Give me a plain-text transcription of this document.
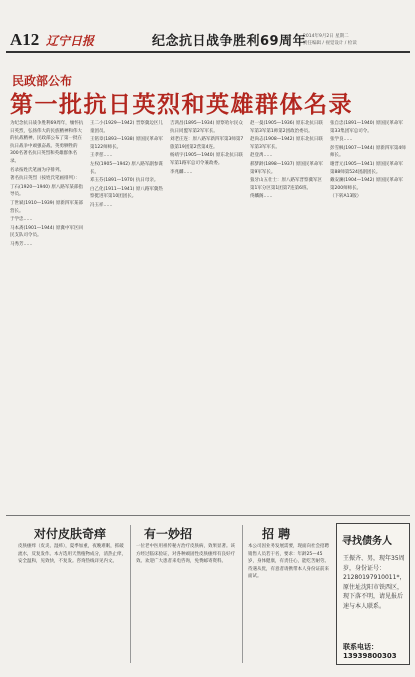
A12 辽宁日报	纪念抗日战争胜利69周年
2014年9月2日 星期二
责任编辑 / 视觉设计 / 检读
民政部公布
第一批抗日英烈和英雄群体名录

为纪念抗日战争胜利69周年，缅怀抗日英烈，弘扬伟大的民族精神和伟大的抗战精神，民政部公布了第一批在抗日战争中顽强奋战、英勇牺牲的300名著名抗日英烈和英雄群体名录。

名录按姓氏笔画为序排列。

著名抗日英烈（按姓氏笔画排列）：

丁石(1920—1940) 原八路军某部指导员。

丁世斌(1910—1939) 原新四军某部营长。

于学忠……

马本斋(1901—1944) 原冀中军区回民支队司令员。

马秀芳……

王二小(1929—1942) 晋察冀边区儿童团员。

王铭章(1893—1938) 原国民革命军第122师师长。

王孝慈……

左权(1905—1942) 原八路军副参谋长。

邓玉芬(1891—1970) 抗日母亲。

白乙化(1911—1941) 原八路军冀热察挺进军第10团团长。

冯玉祥……

吉鸿昌(1895—1934) 原察哈尔民众抗日同盟军第2军军长。

刘老庄连：原八路军新四军第3师第7旅第19团第2营第4连。

杨靖宇(1905—1940) 原东北抗日联军第1路军总司令兼政委。

李兆麟……

赵一曼(1905—1936) 原东北抗日联军第3军第1师第2团政治委员。

赵尚志(1908—1942) 原东北抗日联军第3军军长。

赵登禹……

郝梦龄(1898—1937) 原国民革命军第9军军长。

狼牙山五壮士：原八路军晋察冀军区第1军分区第1团第7连第6班。

佟麟阁……

张自忠(1891—1940) 原国民革命军第33集团军总司令。

张学良……

彭雪枫(1907—1944) 原新四军第4师师长。

谢晋元(1905—1941) 原国民革命军第88师第524团副团长。

戴安澜(1904—1942) 原国民革命军第200师师长。

（下转A13版）

对付皮肤奇痒
皮肤瘙痒（皮炎、湿疹），夏季加重，夜晚难眠，抓破流水，反复发作。本方选用天然植物成分，清热止痒，安全温和，见效快，不复发。咨询热线详见内文。
有一妙招
一位老中医用祖传秘方治疗皮肤病，效果显著。该方经过临床验证，对各种顽固性皮肤瘙痒有良好疗效。欢迎广大患者来电咨询，免费邮寄资料。
招 聘
本公司因业务发展需要，现面向社会招聘销售人员若干名，要求：年龄25—45岁，身体健康，有责任心，能吃苦耐劳。待遇从优，有意者请携带本人身份证前来面试。
寻找债务人
王振齐、男，现年35周岁，身份证号：21280197910011*，原住址沈阳市铁西区，现下落不明，请见报后速与本人联系。
联系电话：
13939800303
